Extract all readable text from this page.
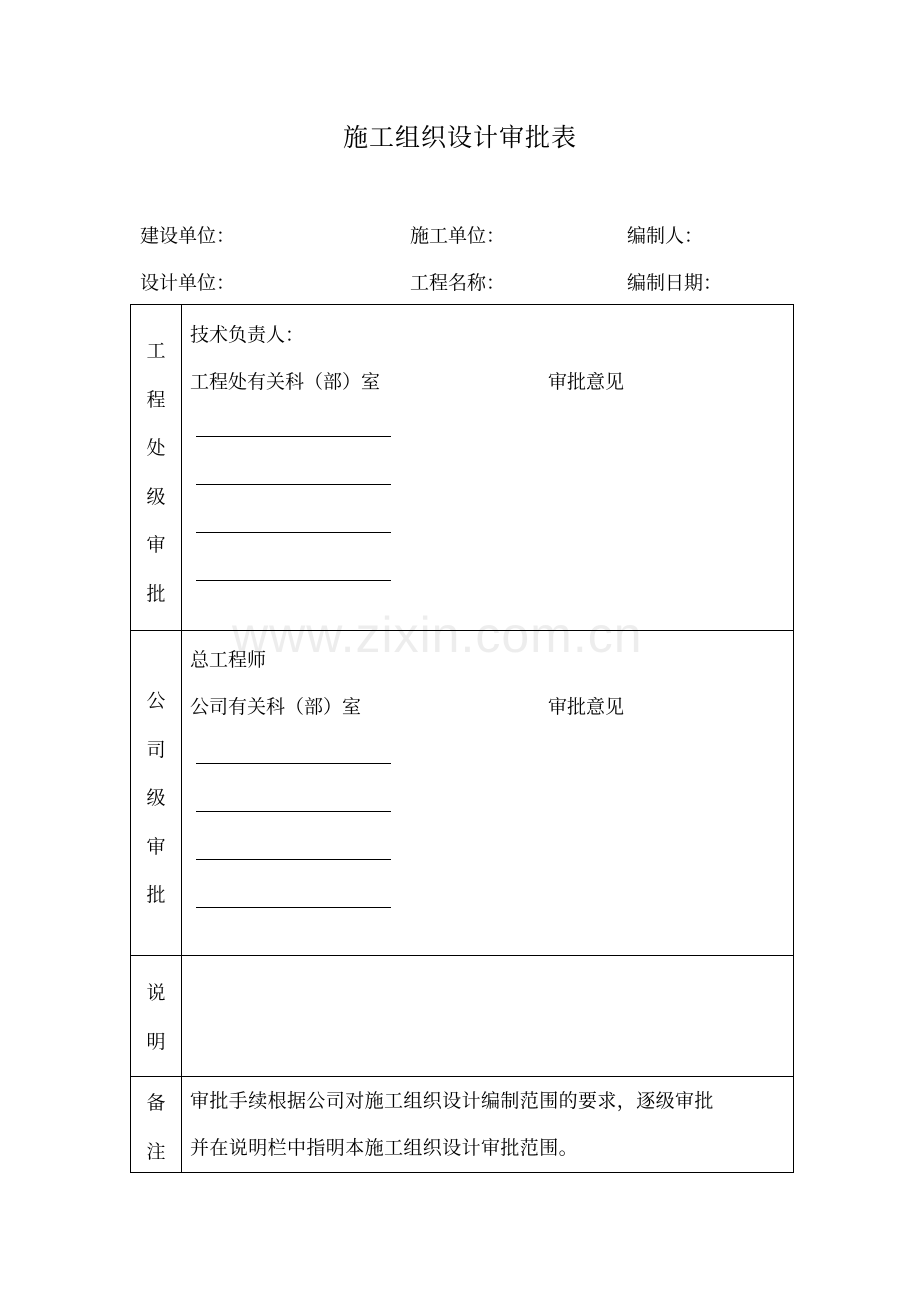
施工组织设计审批表
建设单位：	施工单位：	编制人：
设计单位：	工程名称：	编制日期：
工
程
处
级
审
批
技术负责人：
工程处有关科（部）室	审批意见
公
司
级
审
批
总工程师
公司有关科（部）室	审批意见
说
明
备
注
审批手续根据公司对施工组织设计编制范围的要求，逐级审批
并在说明栏中指明本施工组织设计审批范围。
www.zixin.com.cn
